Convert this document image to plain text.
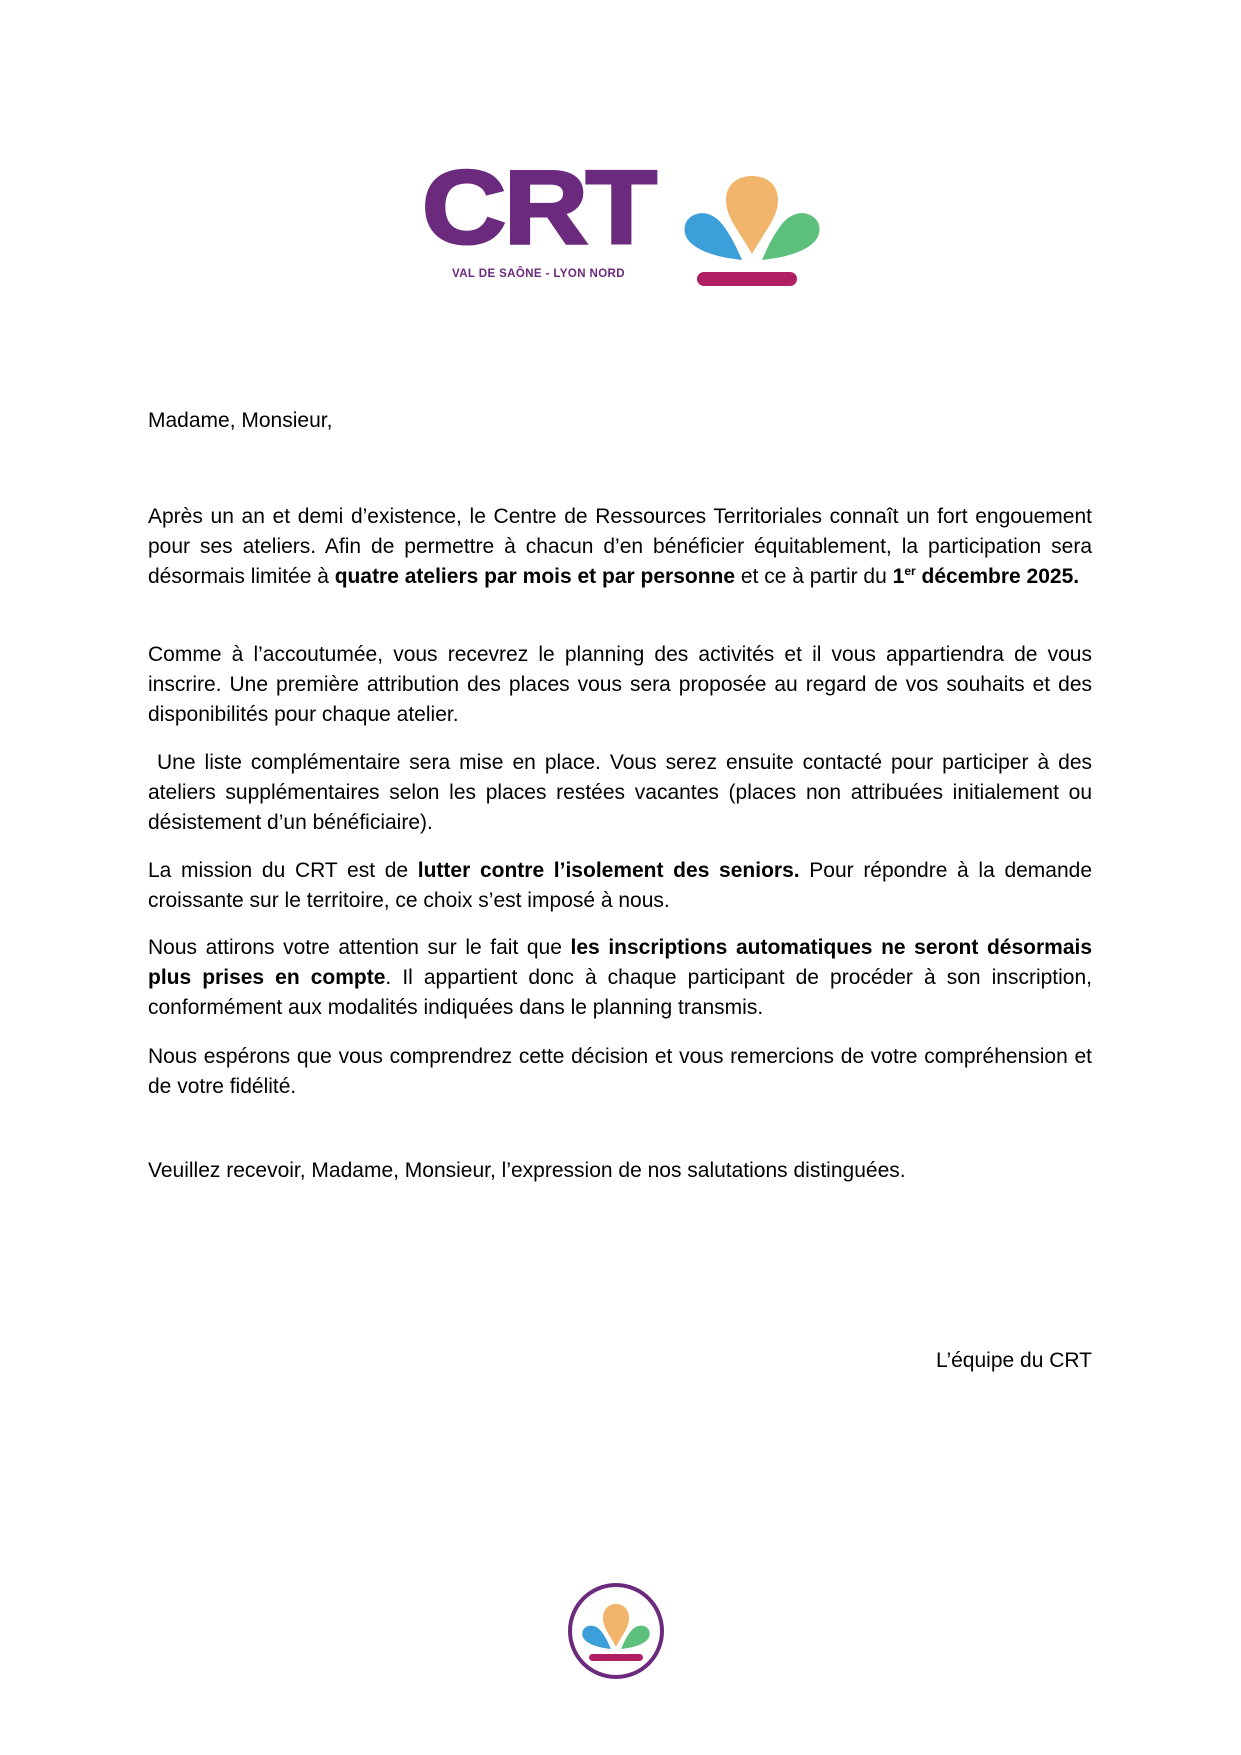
CRT
VAL DE SAÔNE - LYON NORD
Madame, Monsieur,

Après un an et demi d’existence, le Centre de Ressources Territoriales connaît un fort engouement pour ses ateliers. Afin de permettre à chacun d’en bénéficier équitablement, la participation sera désormais limitée à quatre ateliers par mois et par personne et ce à partir du 1er décembre 2025.

Comme à l’accoutumée, vous recevrez le planning des activités et il vous appartiendra de vous inscrire. Une première attribution des places vous sera proposée au regard de vos souhaits et des disponibilités pour chaque atelier.

Une liste complémentaire sera mise en place. Vous serez ensuite contacté pour participer à des ateliers supplémentaires selon les places restées vacantes (places non attribuées initialement ou désistement d’un bénéficiaire).

La mission du CRT est de lutter contre l’isolement des seniors. Pour répondre à la demande croissante sur le territoire, ce choix s’est imposé à nous.

Nous attirons votre attention sur le fait que les inscriptions automatiques ne seront désormais plus prises en compte. Il appartient donc à chaque participant de procéder à son inscription, conformément aux modalités indiquées dans le planning transmis.

Nous espérons que vous comprendrez cette décision et vous remercions de votre compréhension et de votre fidélité.

Veuillez recevoir, Madame, Monsieur, l’expression de nos salutations distinguées.
L’équipe du CRT
